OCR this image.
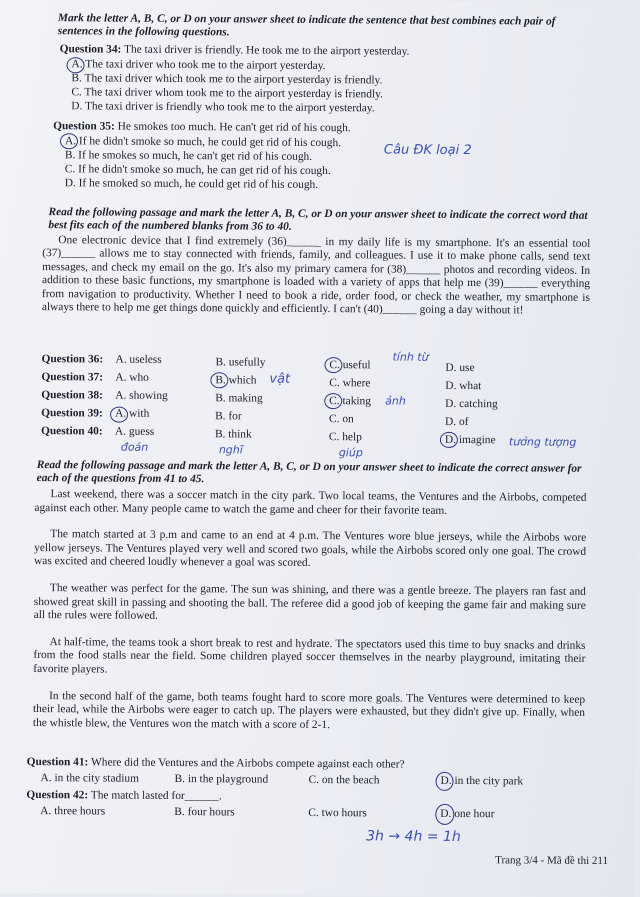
Mark the letter A, B, C, or D on your answer sheet to indicate the sentence that best combines each pair of sentences in the following questions.
Question 34: The taxi driver is friendly. He took me to the airport yesterday.
A. The taxi driver who took me to the airport yesterday.
B. The taxi driver which took me to the airport yesterday is friendly.
C. The taxi driver whom took me to the airport yesterday is friendly.
D. The taxi driver is friendly who took me to the airport yesterday.
Question 35: He smokes too much. He can't get rid of his cough.
A. If he didn't smoke so much, he could get rid of his cough.
B. If he smokes so much, he can't get rid of his cough.
C. If he didn't smoke so much, he can get rid of his cough.
D. If he smoked so much, he could get rid of his cough.
Câu ĐK loại 2
Read the following passage and mark the letter A, B, C, or D on your answer sheet to indicate the correct word that best fits each of the numbered blanks from 36 to 40.

One electronic device that I find extremely (36)______ in my daily life is my smartphone. It's an essential tool (37)______ allows me to stay connected with friends, family, and colleagues. I use it to make phone calls, send text messages, and check my email on the go. It's also my primary camera for (38)______ photos and recording videos. In addition to these basic functions, my smartphone is loaded with a variety of apps that help me (39)______ everything from navigation to productivity. Whether I need to book a ride, order food, or check the weather, my smartphone is always there to help me get things done quickly and efficiently. I can't (40)______ going a day without it!

Question 36: A. useless	B. usefully	C. useful	D. use
tính từ
Question 37: A. who	B. which	C. where	D. what
vật
Question 38: A. showing	B. making	C. taking	D. catching
ảnh
Question 39: A. with	B. for	C. on	D. of
Question 40: A. guess	B. think	C. help	D. imagine
đoán	nghĩ	giúp
tưởng tượng
Read the following passage and mark the letter A, B, C, or D on your answer sheet to indicate the correct answer for each of the questions from 41 to 45.

Last weekend, there was a soccer match in the city park. Two local teams, the Ventures and the Airbobs, competed against each other. Many people came to watch the game and cheer for their favorite team.

The match started at 3 p.m and came to an end at 4 p.m. The Ventures wore blue jerseys, while the Airbobs wore yellow jerseys. The Ventures played very well and scored two goals, while the Airbobs scored only one goal. The crowd was excited and cheered loudly whenever a goal was scored.

The weather was perfect for the game. The sun was shining, and there was a gentle breeze. The players ran fast and showed great skill in passing and shooting the ball. The referee did a good job of keeping the game fair and making sure all the rules were followed.

At half-time, the teams took a short break to rest and hydrate. The spectators used this time to buy snacks and drinks from the food stalls near the field. Some children played soccer themselves in the nearby playground, imitating their favorite players.

In the second half of the game, both teams fought hard to score more goals. The Ventures were determined to keep their lead, while the Airbobs were eager to catch up. The players were exhausted, but they didn't give up. Finally, when the whistle blew, the Ventures won the match with a score of 2-1.

Question 41: Where did the Ventures and the Airbobs compete against each other?
A. in the city stadium	B. in the playground	C. on the beach	D. in the city park
Question 42: The match lasted for______.
A. three hours	B. four hours	C. two hours	D. one hour
3h → 4h = 1h
Trang 3/4 - Mã đề thi 211
